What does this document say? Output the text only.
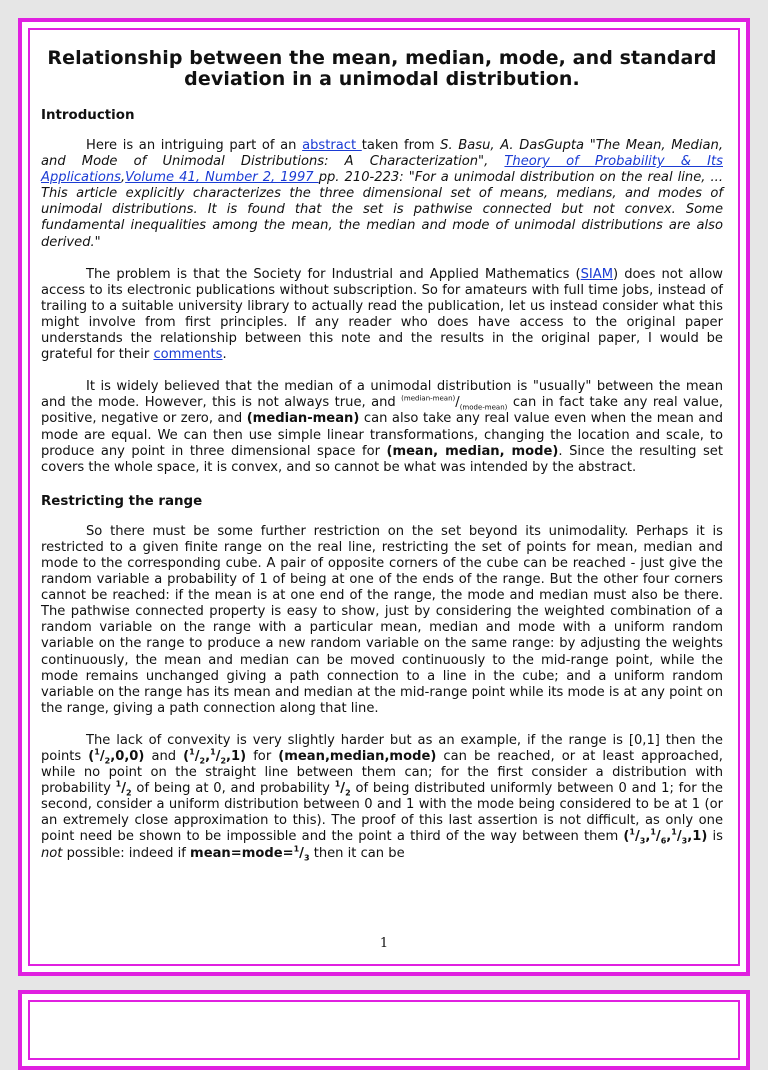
Relationship between the mean, median, mode, and standard deviation in a unimodal distribution.
Introduction

Here is an intriguing part of an abstract taken from S. Basu, A. DasGupta "The Mean, Median, and Mode of Unimodal Distributions: A Characterization", Theory of Probability & Its Applications,Volume 41, Number 2, 1997 pp. 210-223: "For a unimodal distribution on the real line, ... This article explicitly characterizes the three dimensional set of means, medians, and modes of unimodal distributions. It is found that the set is pathwise connected but not convex. Some fundamental inequalities among the mean, the median and mode of unimodal distributions are also derived."

The problem is that the Society for Industrial and Applied Mathematics (SIAM) does not allow access to its electronic publications without subscription. So for amateurs with full time jobs, instead of trailing to a suitable university library to actually read the publication, let us instead consider what this might involve from first principles. If any reader who does have access to the original paper understands the relationship between this note and the results in the original paper, I would be grateful for their comments.

It is widely believed that the median of a unimodal distribution is "usually" between the mean and the mode. However, this is not always true, and $^{(median-mean)}/_{(mode-mean)}$ can in fact take any real value, positive, negative or zero, and (median-mean) can also take any real value even when the mean and mode are equal. We can then use simple linear transformations, changing the location and scale, to produce any point in three dimensional space for (mean, median, mode). Since the resulting set covers the whole space, it is convex, and so cannot be what was intended by the abstract.

Restricting the range

So there must be some further restriction on the set beyond its unimodality. Perhaps it is restricted to a given finite range on the real line, restricting the set of points for mean, median and mode to the corresponding cube. A pair of opposite corners of the cube can be reached - just give the random variable a probability of 1 of being at one of the ends of the range. But the other four corners cannot be reached: if the mean is at one end of the range, the mode and median must also be there. The pathwise connected property is easy to show, just by considering the weighted combination of a random variable on the range with a particular mean, median and mode with a uniform random variable on the range to produce a new random variable on the same range: by adjusting the weights continuously, the mean and median can be moved continuously to the mid-range point, while the mode remains unchanged giving a path connection to a line in the cube; and a uniform random variable on the range has its mean and median at the mid-range point while its mode is at any point on the range, giving a path connection along that line.

The lack of convexity is very slightly harder but as an example, if the range is [0,1] then the points $(^1/_2,0,0)$ and $(^1/_2,^1/_2,1)$ for (mean,median,mode) can be reached, or at least approached, while no point on the straight line between them can; for the first consider a distribution with probability $^1/_2$ of being at 0, and probability $^1/_2$ of being distributed uniformly between 0 and 1; for the second, consider a uniform distribution between 0 and 1 with the mode being considered to be at 1 (or an extremely close approximation to this). The proof of this last assertion is not difficult, as only one point need be shown to be impossible and the point a third of the way between them $(^1/_3,^1/_6,^1/_3,1)$ is not possible: indeed if $mean=mode=^1/_3$ then it can be

1
